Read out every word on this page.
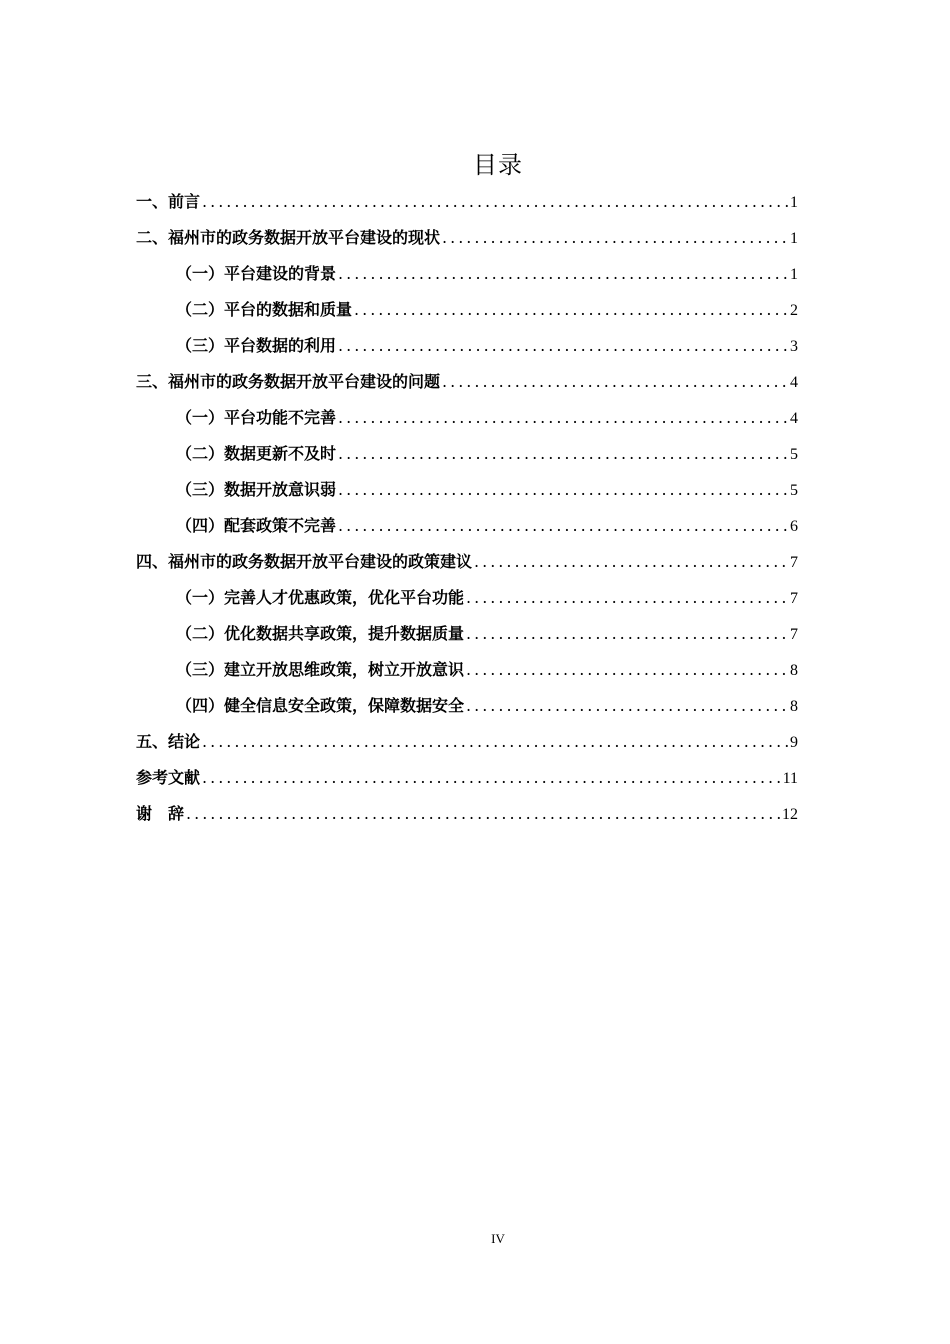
目录
一、前言 .....	1
二、福州市的政务数据开放平台建设的现状 .....	1
（一）平台建设的背景 .....	1
（二）平台的数据和质量 .....	2
（三）平台数据的利用 .....	3
三、福州市的政务数据开放平台建设的问题 .....	4
（一）平台功能不完善 .....	4
（二）数据更新不及时 .....	5
（三）数据开放意识弱 .....	5
（四）配套政策不完善 .....	6
四、福州市的政务数据开放平台建设的政策建议 .....	7
（一）完善人才优惠政策，优化平台功能 .....	7
（二）优化数据共享政策，提升数据质量 .....	7
（三）建立开放思维政策，树立开放意识 .....	8
（四）健全信息安全政策，保障数据安全 .....	8
五、结论 .....	9
参考文献 .....	11
谢　辞 .....	12
IV
